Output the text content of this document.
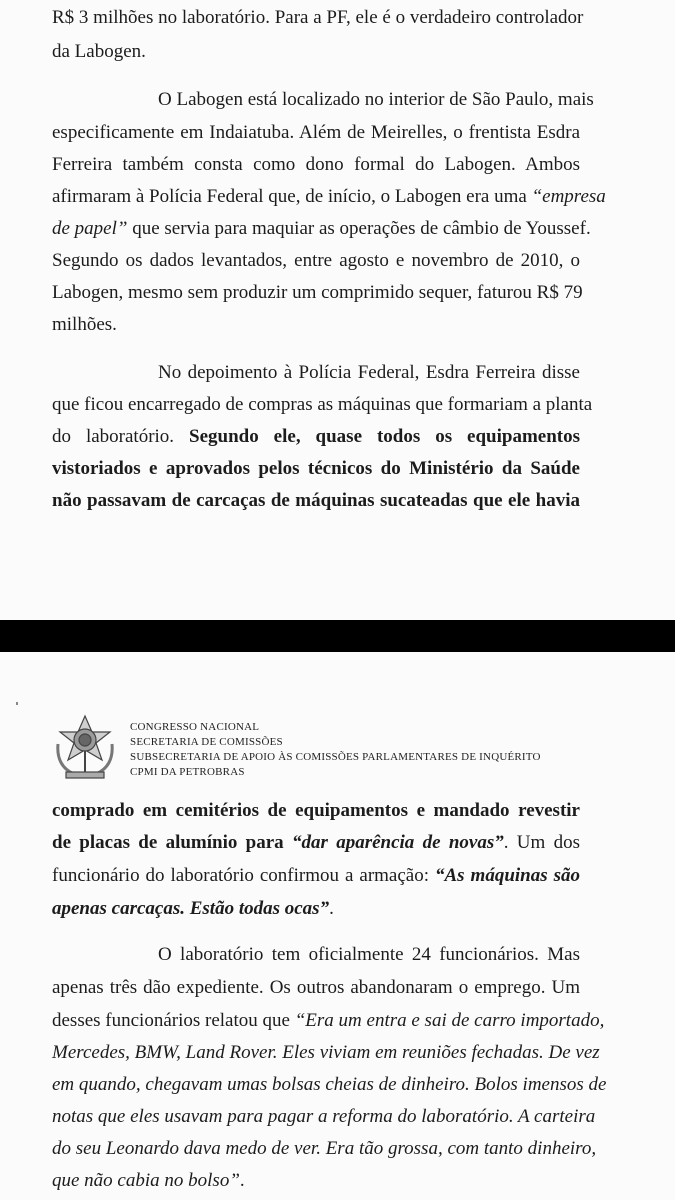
R$ 3 milhões no laboratório. Para a PF, ele é o verdadeiro controlador
da Labogen.
O Labogen está localizado no interior de São Paulo, mais
especificamente em Indaiatuba. Além de Meirelles, o frentista Esdra
Ferreira também consta como dono formal do Labogen. Ambos
afirmaram à Polícia Federal que, de início, o Labogen era uma “empresa
de papel” que servia para maquiar as operações de câmbio de Youssef.
Segundo os dados levantados, entre agosto e novembro de 2010, o
Labogen, mesmo sem produzir um comprimido sequer, faturou R$ 79
milhões.
No depoimento à Polícia Federal, Esdra Ferreira disse
que ficou encarregado de compras as máquinas que formariam a planta
do laboratório. Segundo ele, quase todos os equipamentos
vistoriados e aprovados pelos técnicos do Ministério da Saúde
não passavam de carcaças de máquinas sucateadas que ele havia
CONGRESSO NACIONAL
SECRETARIA DE COMISSÕES
SUBSECRETARIA DE APOIO ÀS COMISSÕES PARLAMENTARES DE INQUÉRITO
CPMI DA PETROBRAS
comprado em cemitérios de equipamentos e mandado revestir
de placas de alumínio para “dar aparência de novas”. Um dos
funcionário do laboratório confirmou a armação: “As máquinas são
apenas carcaças. Estão todas ocas”.
O laboratório tem oficialmente 24 funcionários. Mas
apenas três dão expediente. Os outros abandonaram o emprego. Um
desses funcionários relatou que “Era um entra e sai de carro importado,
Mercedes, BMW, Land Rover. Eles viviam em reuniões fechadas. De vez
em quando, chegavam umas bolsas cheias de dinheiro. Bolos imensos de
notas que eles usavam para pagar a reforma do laboratório. A carteira
do seu Leonardo dava medo de ver. Era tão grossa, com tanto dinheiro,
que não cabia no bolso”.
